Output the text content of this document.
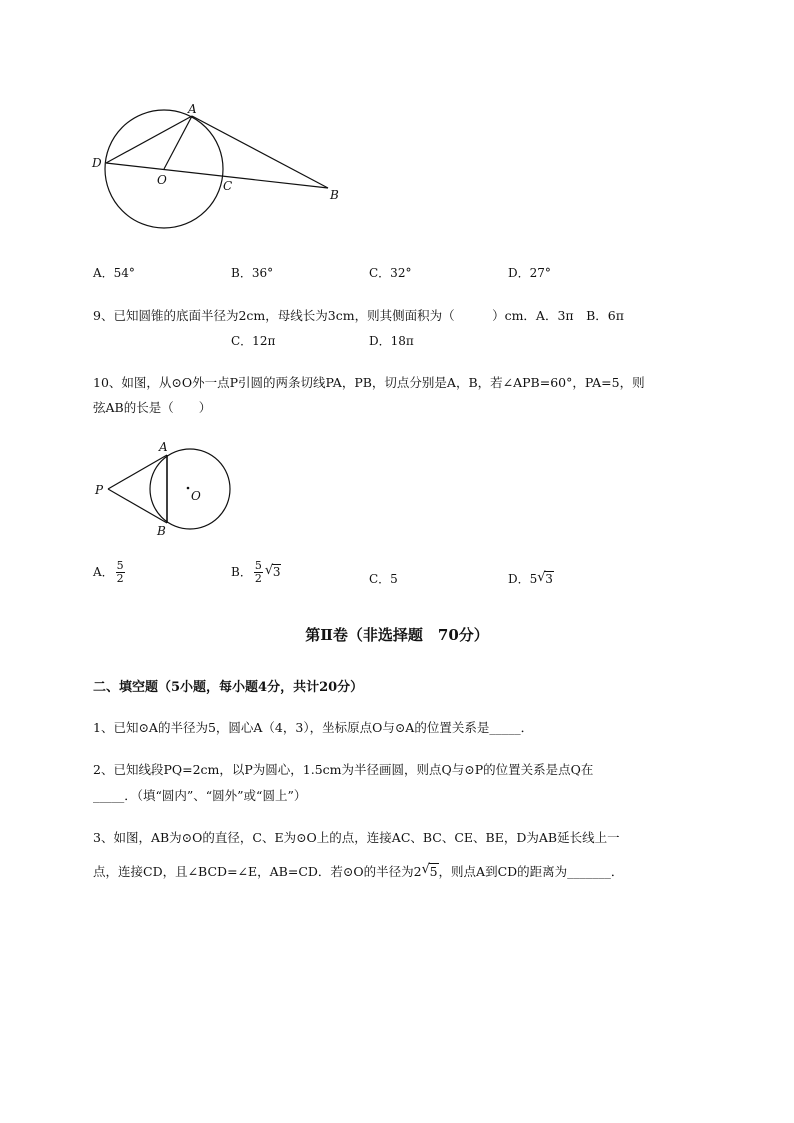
A
D
O	C
B
A．54°	B．36°	C．32°	D．27°
9、已知圆锥的底面半径为2cm，母线长为3cm，则其侧面积为（　　　）cm．A．3π　B．6π
C．12π	D．18π
10、如图，从⊙O外一点P引圆的两条切线PA，PB，切点分别是A，B，若∠APB=60°，PA=5，则
弦AB的长是（　　）
A
P	O
B
A． $\frac{5}{2}$	B． $\frac{5}{2}$ √ 3	C．5	D．5 √ 3
第Ⅱ卷（非选择题　70分）
二、填空题（5小题，每小题4分，共计20分）
1、已知⊙A的半径为5，圆心A（4，3），坐标原点O与⊙A的位置关系是_____．
2、已知线段PQ=2cm，以P为圆心，1.5cm为半径画圆，则点Q与⊙P的位置关系是点Q在
_____．（填“圆内”、“圆外”或“圆上”）
3、如图，AB为⊙O的直径，C、E为⊙O上的点，连接AC、BC、CE、BE，D为AB延长线上一
点，连接CD，且∠BCD=∠E，AB=CD．若⊙O的半径为2 √ 5，则点A到CD的距离为_______．
